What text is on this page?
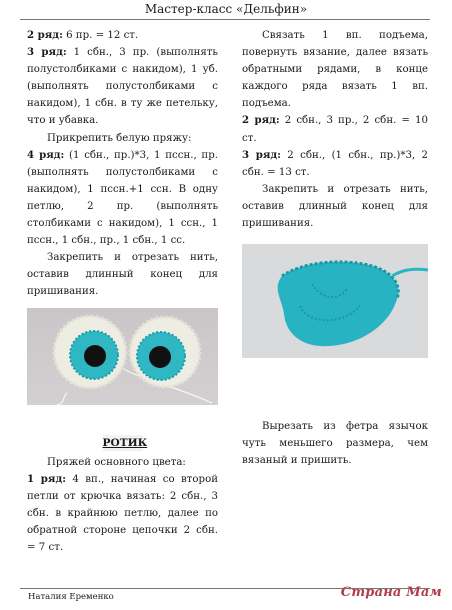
Мастер-класс «Дельфин»

2 ряд: 6 пр. = 12 ст.

3 ряд: 1 сбн., 3 пр. (выполнять полустолбиками с накидом), 1 уб. (выполнять полустолбиками с накидом), 1 сбн. в ту же петельку, что и убавка.

Прикрепить белую пряжу:

4 ряд: (1 сбн., пр.)*3, 1 пссн., пр. (выполнять полустолбиками с накидом), 1 пссн.+1 ссн. В одну петлю, 2 пр. (выполнять столбиками с накидом), 1 ссн., 1 пссн., 1 сбн., пр., 1 сбн., 1 сс.

Закрепить и отрезать нить, оставив длинный конец для пришивания.

РОТИК

Пряжей основного цвета:

1 ряд: 4 вп., начиная со второй петли от крючка вязать: 2 сбн., 3 сбн. в крайнюю петлю, далее по обратной стороне цепочки 2 сбн. = 7 ст.

Связать 1 вп. подъема, повернуть вязание, далее вязать обратными рядами, в конце каждого ряда вязать 1 вп. подъема.

2 ряд: 2 сбн., 3 пр., 2 сбн. = 10 ст.

3 ряд: 2 сбн., (1 сбн., пр.)*3, 2 сбн. = 13 ст.

Закрепить и отрезать нить, оставив длинный конец для пришивания.

Вырезать из фетра язычок чуть меньшего размера, чем вязаный и пришить.

Наталия Еременко	Страна Мам
